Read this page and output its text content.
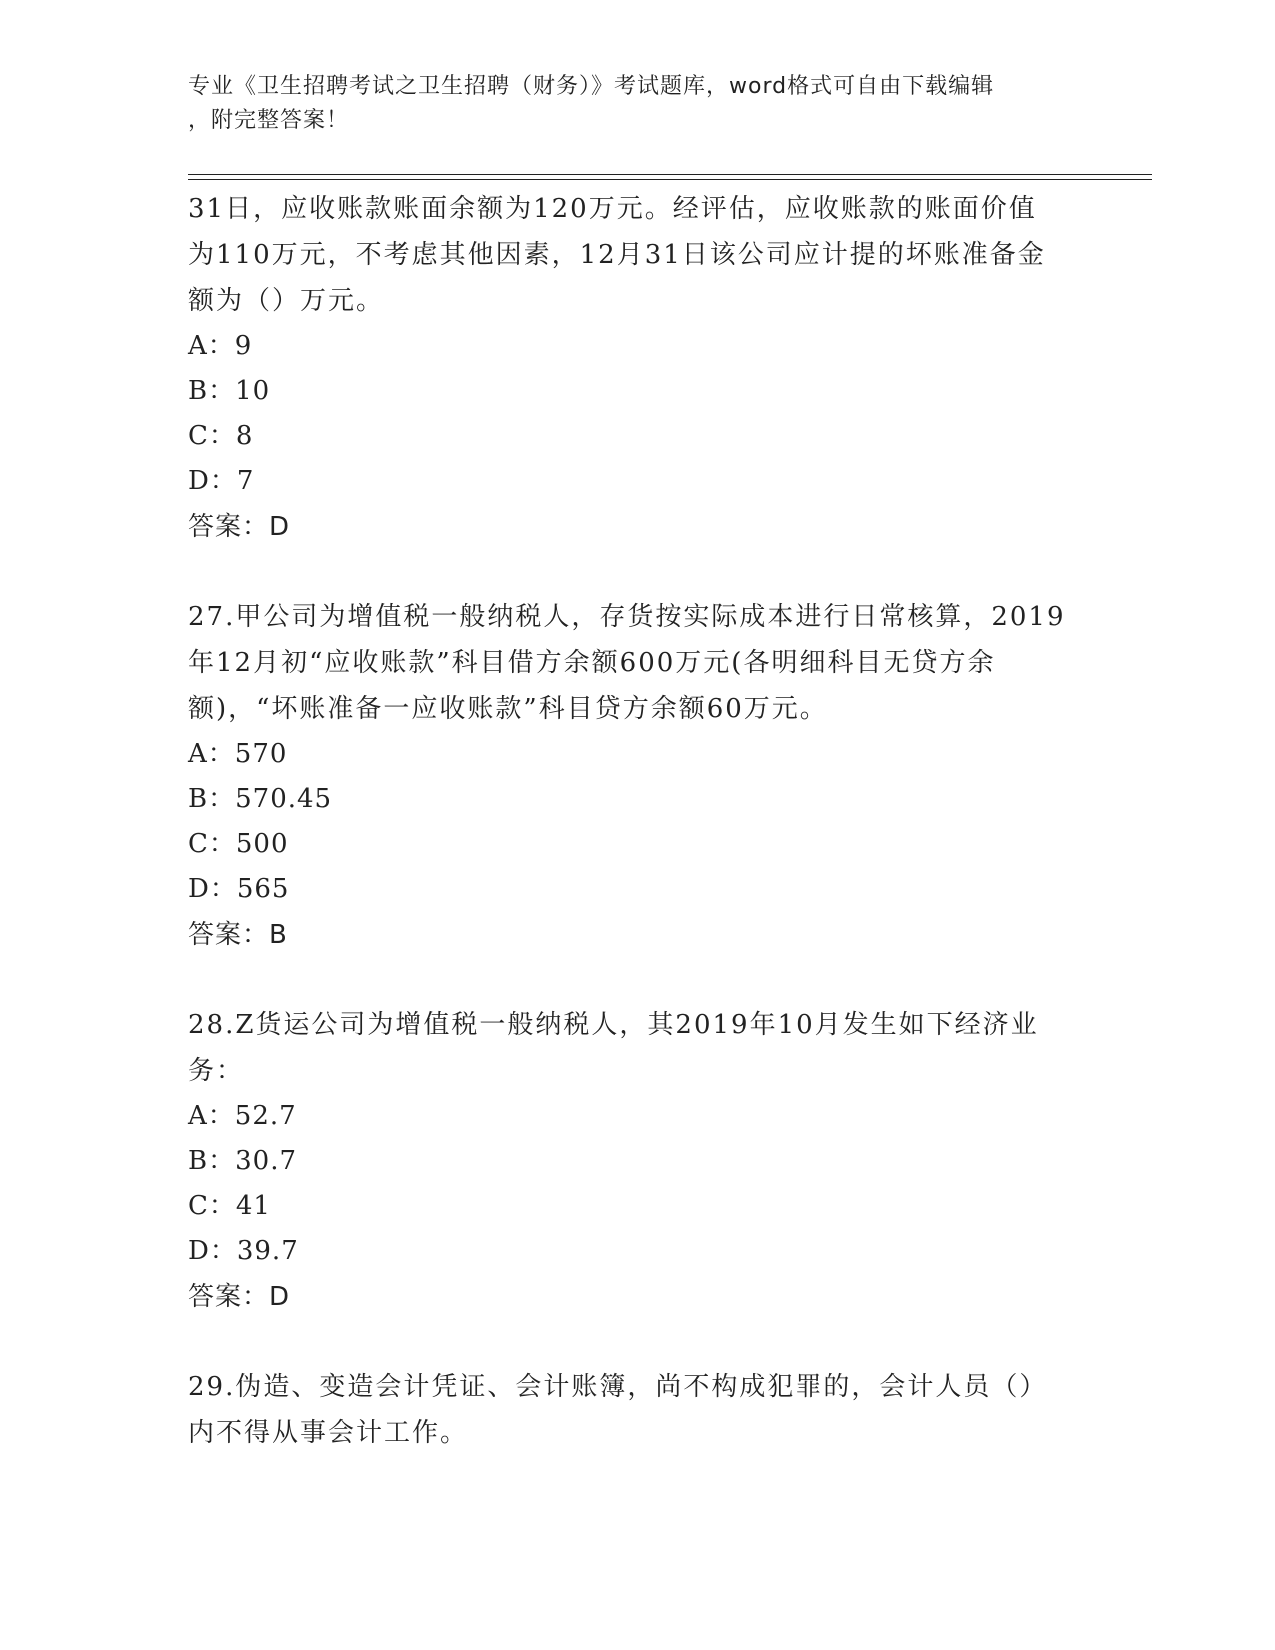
专业《卫生招聘考试之卫生招聘（财务）》考试题库，word格式可自由下载编辑
，附完整答案！

31日，应收账款账面余额为120万元。经评估，应收账款的账面价值

为110万元，不考虑其他因素，12月31日该公司应计提的坏账准备金

额为（）万元。

A：9

B：10

C：8

D：7

答案：D

27.甲公司为增值税一般纳税人，存货按实际成本进行日常核算，2019

年12月初“应收账款”科目借方余额600万元(各明细科目无贷方余

额)，“坏账准备一应收账款”科目贷方余额60万元。

A：570

B：570.45

C：500

D：565

答案：B

28.Z货运公司为增值税一般纳税人，其2019年10月发生如下经济业

务：

A：52.7

B：30.7

C：41

D：39.7

答案：D

29.伪造、变造会计凭证、会计账簿，尚不构成犯罪的，会计人员（）

内不得从事会计工作。
